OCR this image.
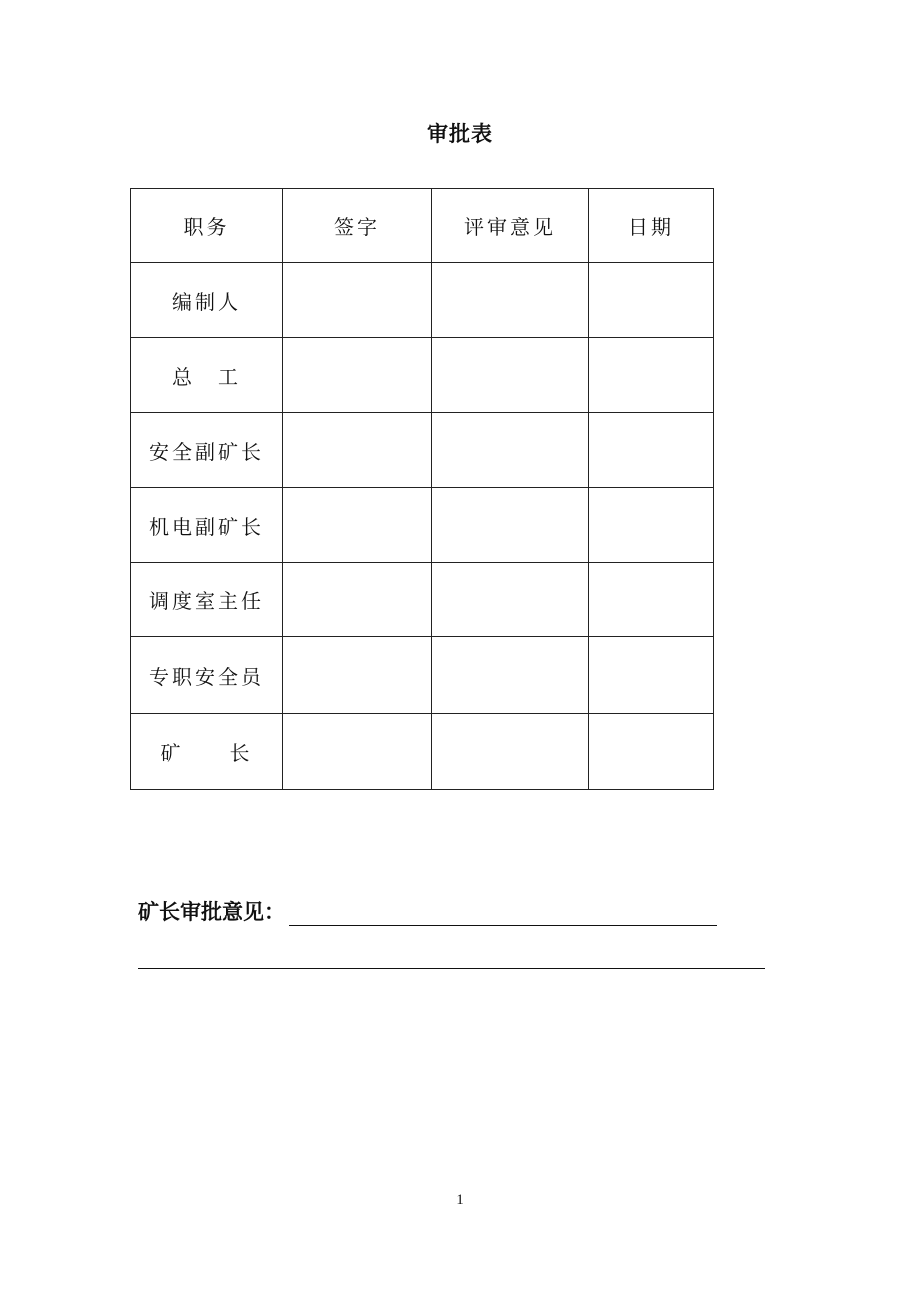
审批表
职务	签字	评审意见	日期
编制人			
总　工			
安全副矿长			
机电副矿长			
调度室主任			
专职安全员			
矿　　长			
矿长审批意见：
1
